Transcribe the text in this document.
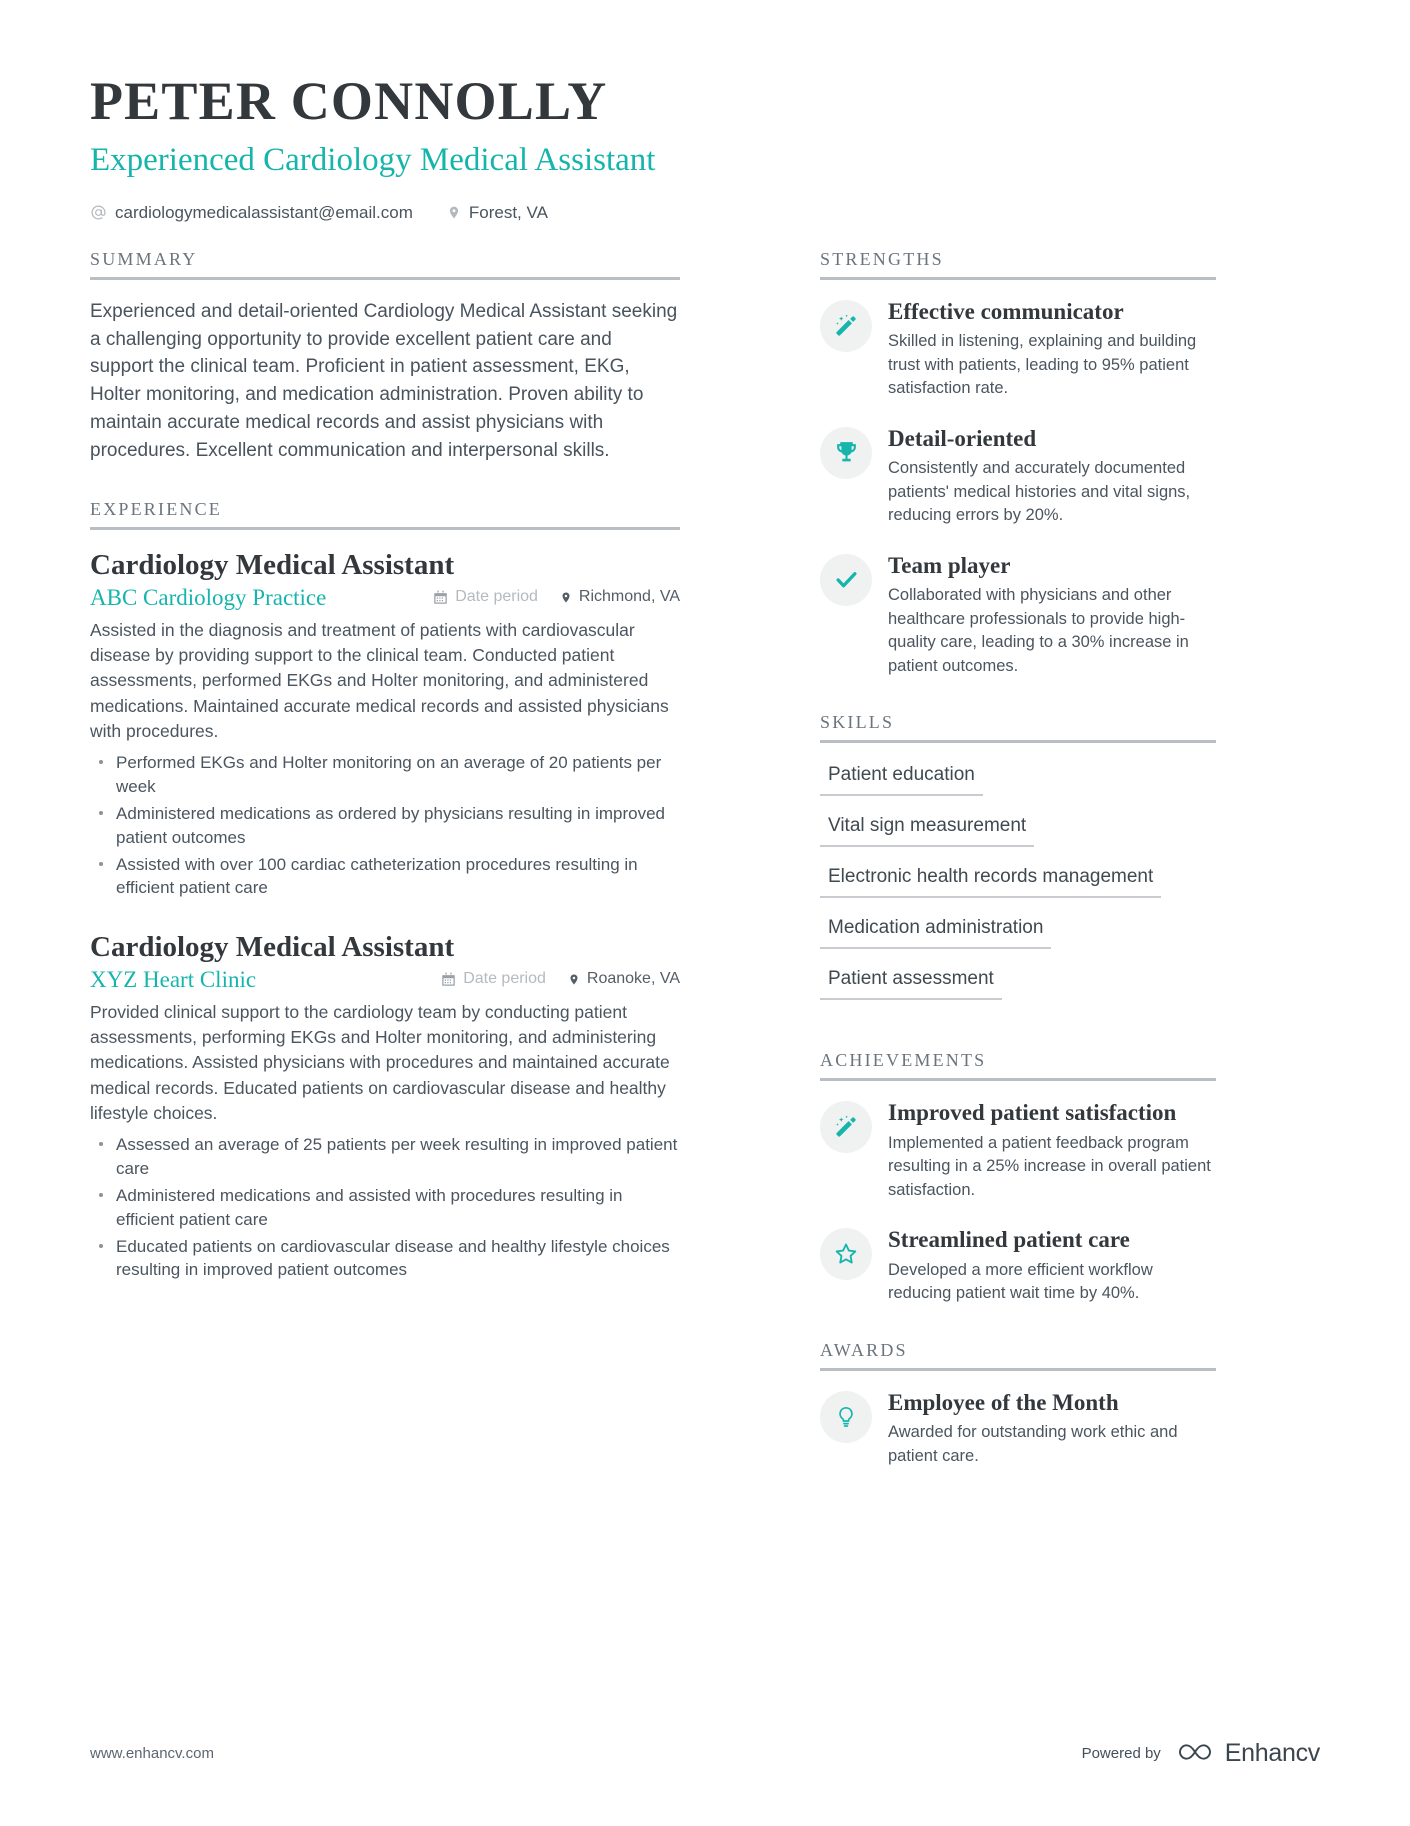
PETER CONNOLLY
Experienced Cardiology Medical Assistant
cardiologymedicalassistant@email.com	Forest, VA
SUMMARY
Experienced and detail-oriented Cardiology Medical Assistant seeking a challenging opportunity to provide excellent patient care and support the clinical team. Proficient in patient assessment, EKG, Holter monitoring, and medication administration. Proven ability to maintain accurate medical records and assist physicians with procedures. Excellent communication and interpersonal skills.
EXPERIENCE
Cardiology Medical Assistant
ABC Cardiology Practice	Date period	Richmond, VA
Assisted in the diagnosis and treatment of patients with cardiovascular disease by providing support to the clinical team. Conducted patient assessments, performed EKGs and Holter monitoring, and administered medications. Maintained accurate medical records and assisted physicians with procedures.
Performed EKGs and Holter monitoring on an average of 20 patients per week
Administered medications as ordered by physicians resulting in improved patient outcomes
Assisted with over 100 cardiac catheterization procedures resulting in efficient patient care
Cardiology Medical Assistant
XYZ Heart Clinic	Date period	Roanoke, VA
Provided clinical support to the cardiology team by conducting patient assessments, performing EKGs and Holter monitoring, and administering medications. Assisted physicians with procedures and maintained accurate medical records. Educated patients on cardiovascular disease and healthy lifestyle choices.
Assessed an average of 25 patients per week resulting in improved patient care
Administered medications and assisted with procedures resulting in efficient patient care
Educated patients on cardiovascular disease and healthy lifestyle choices resulting in improved patient outcomes
STRENGTHS
Effective communicator
Skilled in listening, explaining and building trust with patients, leading to 95% patient satisfaction rate.
Detail-oriented
Consistently and accurately documented patients' medical histories and vital signs, reducing errors by 20%.
Team player
Collaborated with physicians and other healthcare professionals to provide high-quality care, leading to a 30% increase in patient outcomes.
SKILLS
Patient education
Vital sign measurement
Electronic health records management
Medication administration
Patient assessment
ACHIEVEMENTS
Improved patient satisfaction
Implemented a patient feedback program resulting in a 25% increase in overall patient satisfaction.
Streamlined patient care
Developed a more efficient workflow reducing patient wait time by 40%.
AWARDS
Employee of the Month
Awarded for outstanding work ethic and patient care.
www.enhancv.com	Powered by	Enhancv
